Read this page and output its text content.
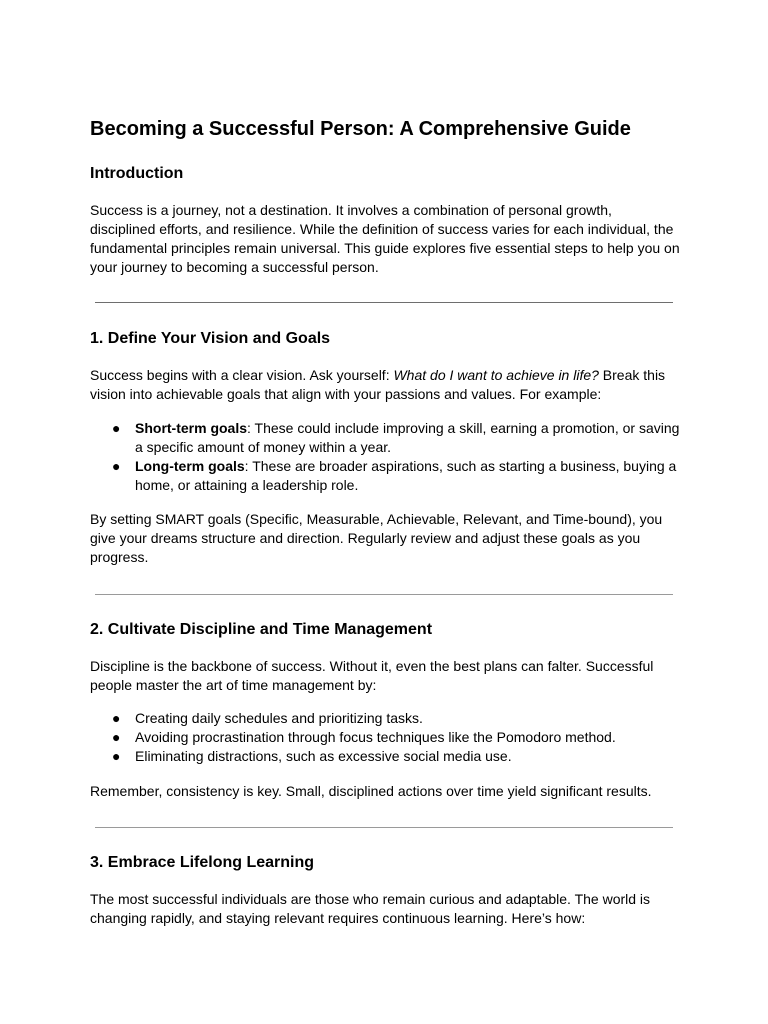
Becoming a Successful Person: A Comprehensive Guide
Introduction

Success is a journey, not a destination. It involves a combination of personal growth, disciplined efforts, and resilience. While the definition of success varies for each individual, the fundamental principles remain universal. This guide explores five essential steps to help you on your journey to becoming a successful person.

1. Define Your Vision and Goals

Success begins with a clear vision. Ask yourself: What do I want to achieve in life? Break this vision into achievable goals that align with your passions and values. For example:

● Short-term goals: These could include improving a skill, earning a promotion, or saving a specific amount of money within a year.
● Long-term goals: These are broader aspirations, such as starting a business, buying a home, or attaining a leadership role.

By setting SMART goals (Specific, Measurable, Achievable, Relevant, and Time-bound), you give your dreams structure and direction. Regularly review and adjust these goals as you progress.

2. Cultivate Discipline and Time Management

Discipline is the backbone of success. Without it, even the best plans can falter. Successful people master the art of time management by:

● Creating daily schedules and prioritizing tasks.
● Avoiding procrastination through focus techniques like the Pomodoro method.
● Eliminating distractions, such as excessive social media use.

Remember, consistency is key. Small, disciplined actions over time yield significant results.

3. Embrace Lifelong Learning

The most successful individuals are those who remain curious and adaptable. The world is changing rapidly, and staying relevant requires continuous learning. Here’s how:
